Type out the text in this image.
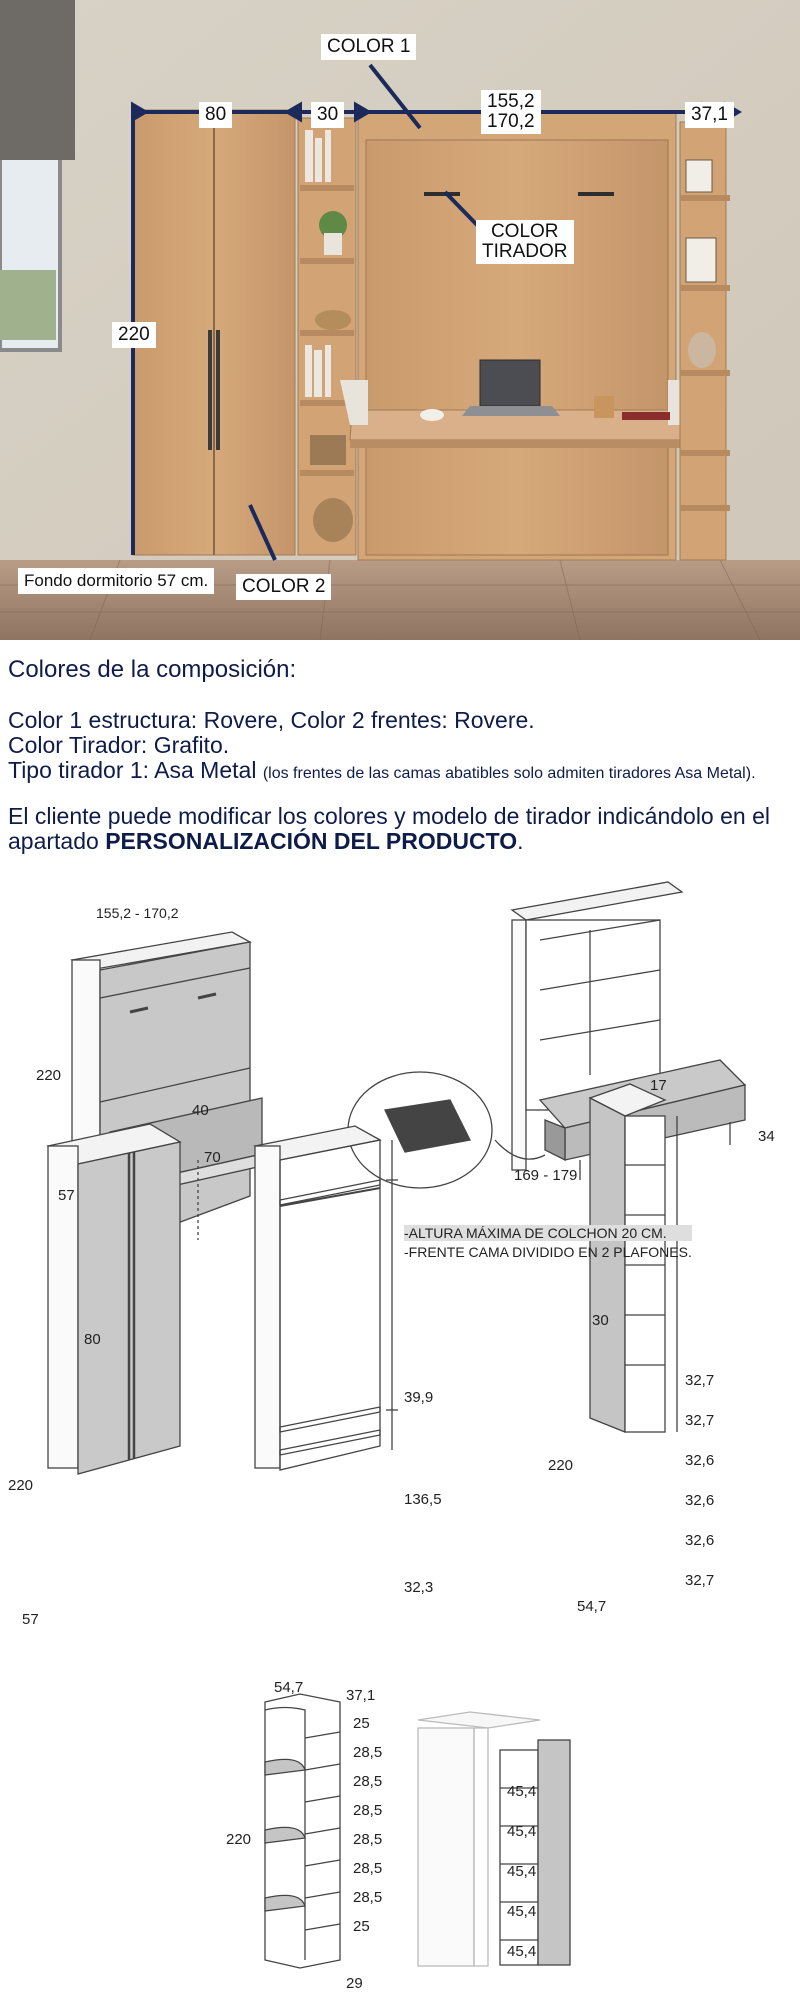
COLOR 1
80	30
155,2
170,2	37,1
COLOR
TIRADOR
220
Fondo dormitorio 57 cm.	COLOR 2
Colores de la composición:
Color 1 estructura: Rovere, Color 2 frentes: Rovere.
Color Tirador: Grafito.
Tipo tirador 1: Asa Metal (los frentes de las camas abatibles solo admiten tiradores Asa Metal).
El cliente puede modificar los colores y modelo de tirador indicándolo en el
apartado PERSONALIZACIÓN DEL PRODUCTO.
155,2 - 170,2
220
40
70
57
17
169 - 179
34
-ALTURA MÁXIMA DE COLCHON 20 CM.
-FRENTE CAMA DIVIDIDO EN 2 PLAFONES.
80
220
57
39,9
136,5
32,3
30
220
54,7
32,7
32,7
32,6
32,6
32,6
32,7
54,7	37,1
220
29
25
28,5
28,5
28,5
28,5
28,5
28,5
25
45,4
45,4
45,4
45,4
45,4
